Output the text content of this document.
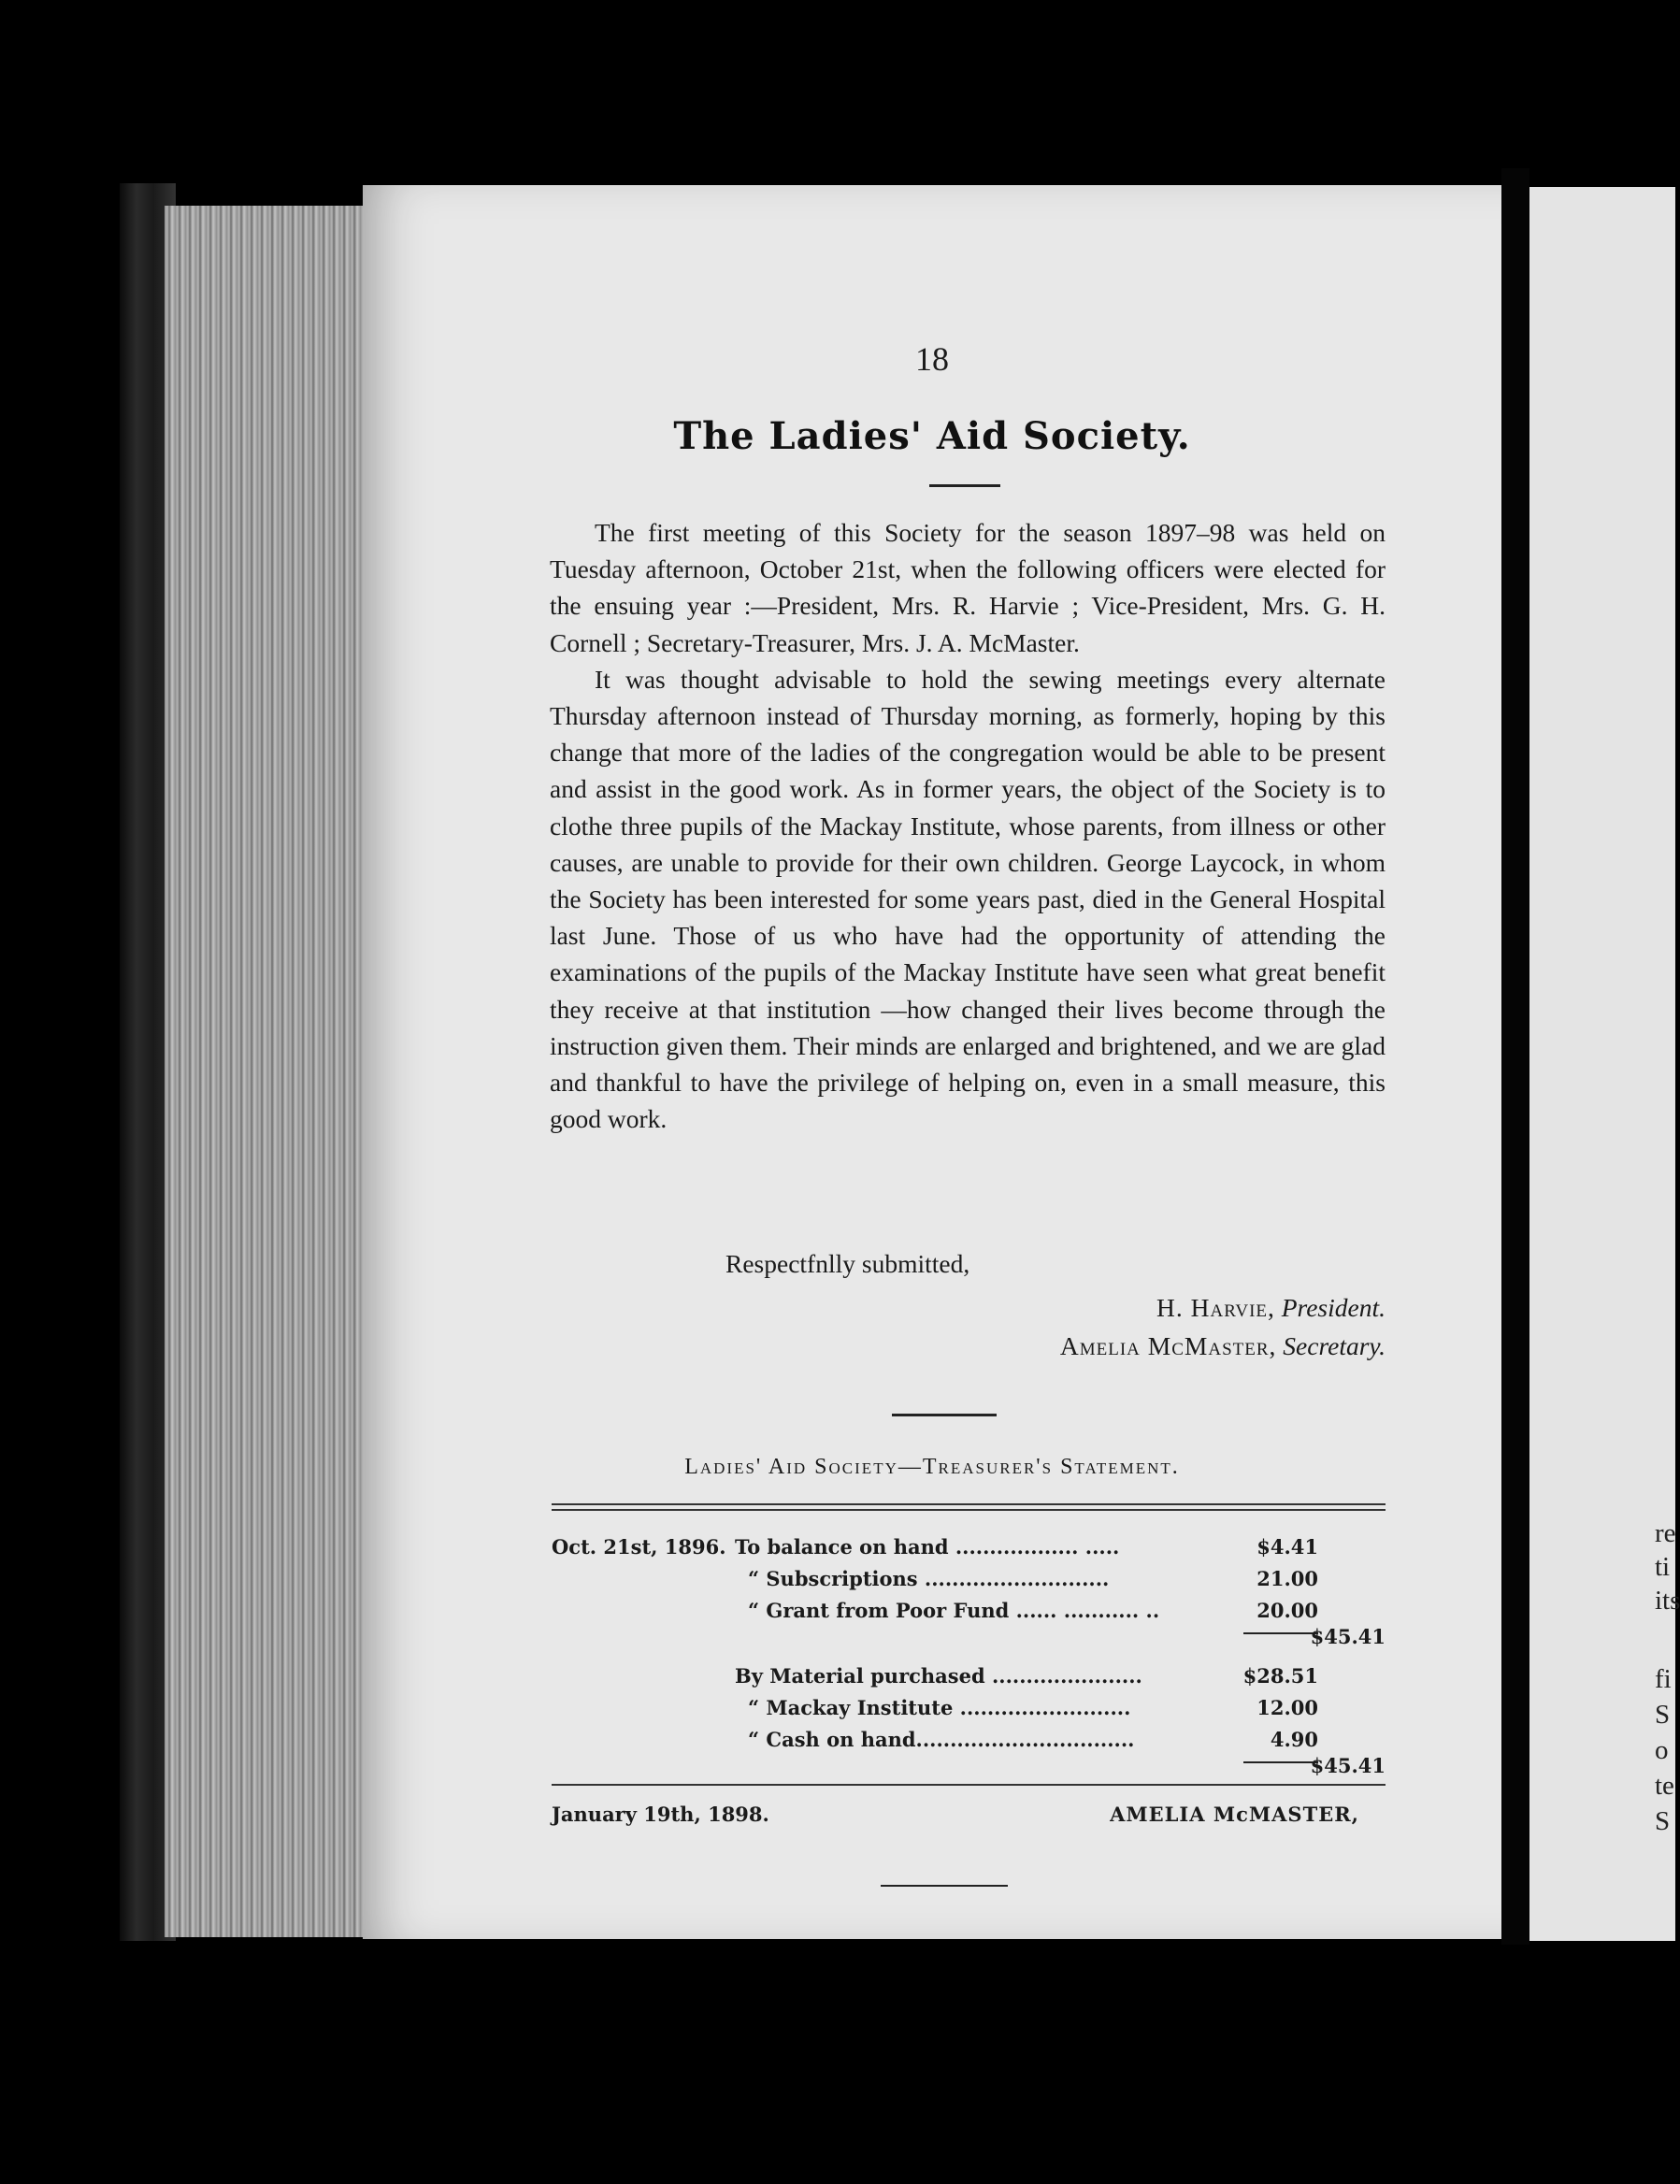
re
ti
its
fi
S
o
te
S
18
The Ladies' Aid Society.

The first meeting of this Society for the season 1897–98 was held on Tuesday afternoon, October 21st, when the following officers were elected for the ensuing year :—President, Mrs. R. Harvie ; Vice-President, Mrs. G. H. Cornell ; Secretary-Treasurer, Mrs. J. A. McMaster.

It was thought advisable to hold the sewing meetings every alternate Thursday afternoon instead of Thursday morning, as formerly, hoping by this change that more of the ladies of the congregation would be able to be present and assist in the good work. As in former years, the object of the Society is to clothe three pupils of the Mackay Institute, whose parents, from illness or other causes, are unable to provide for their own children. George Laycock, in whom the Society has been interested for some years past, died in the General Hospital last June. Those of us who have had the opportunity of attending the examinations of the pupils of the Mackay Institute have seen what great benefit they receive at that institution —how changed their lives become through the instruction given them. Their minds are enlarged and brightened, and we are glad and thankful to have the privilege of helping on, even in a small measure, this good work.

Respectfnlly submitted,
H. Harvie, President.
Amelia McMaster, Secretary.
Ladies' Aid Society—Treasurer's Statement.
Oct. 21st, 1896. To balance on hand .................. .....	$4.41
“ Subscriptions ...........................	21.00
“ Grant from Poor Fund ...... ........... ..	20.00
$45.41
By Material purchased ......................	$28.51
“ Mackay Institute .........................	12.00
“ Cash on hand................................	4.90
$45.41
January 19th, 1898.	AMELIA McMASTER,
